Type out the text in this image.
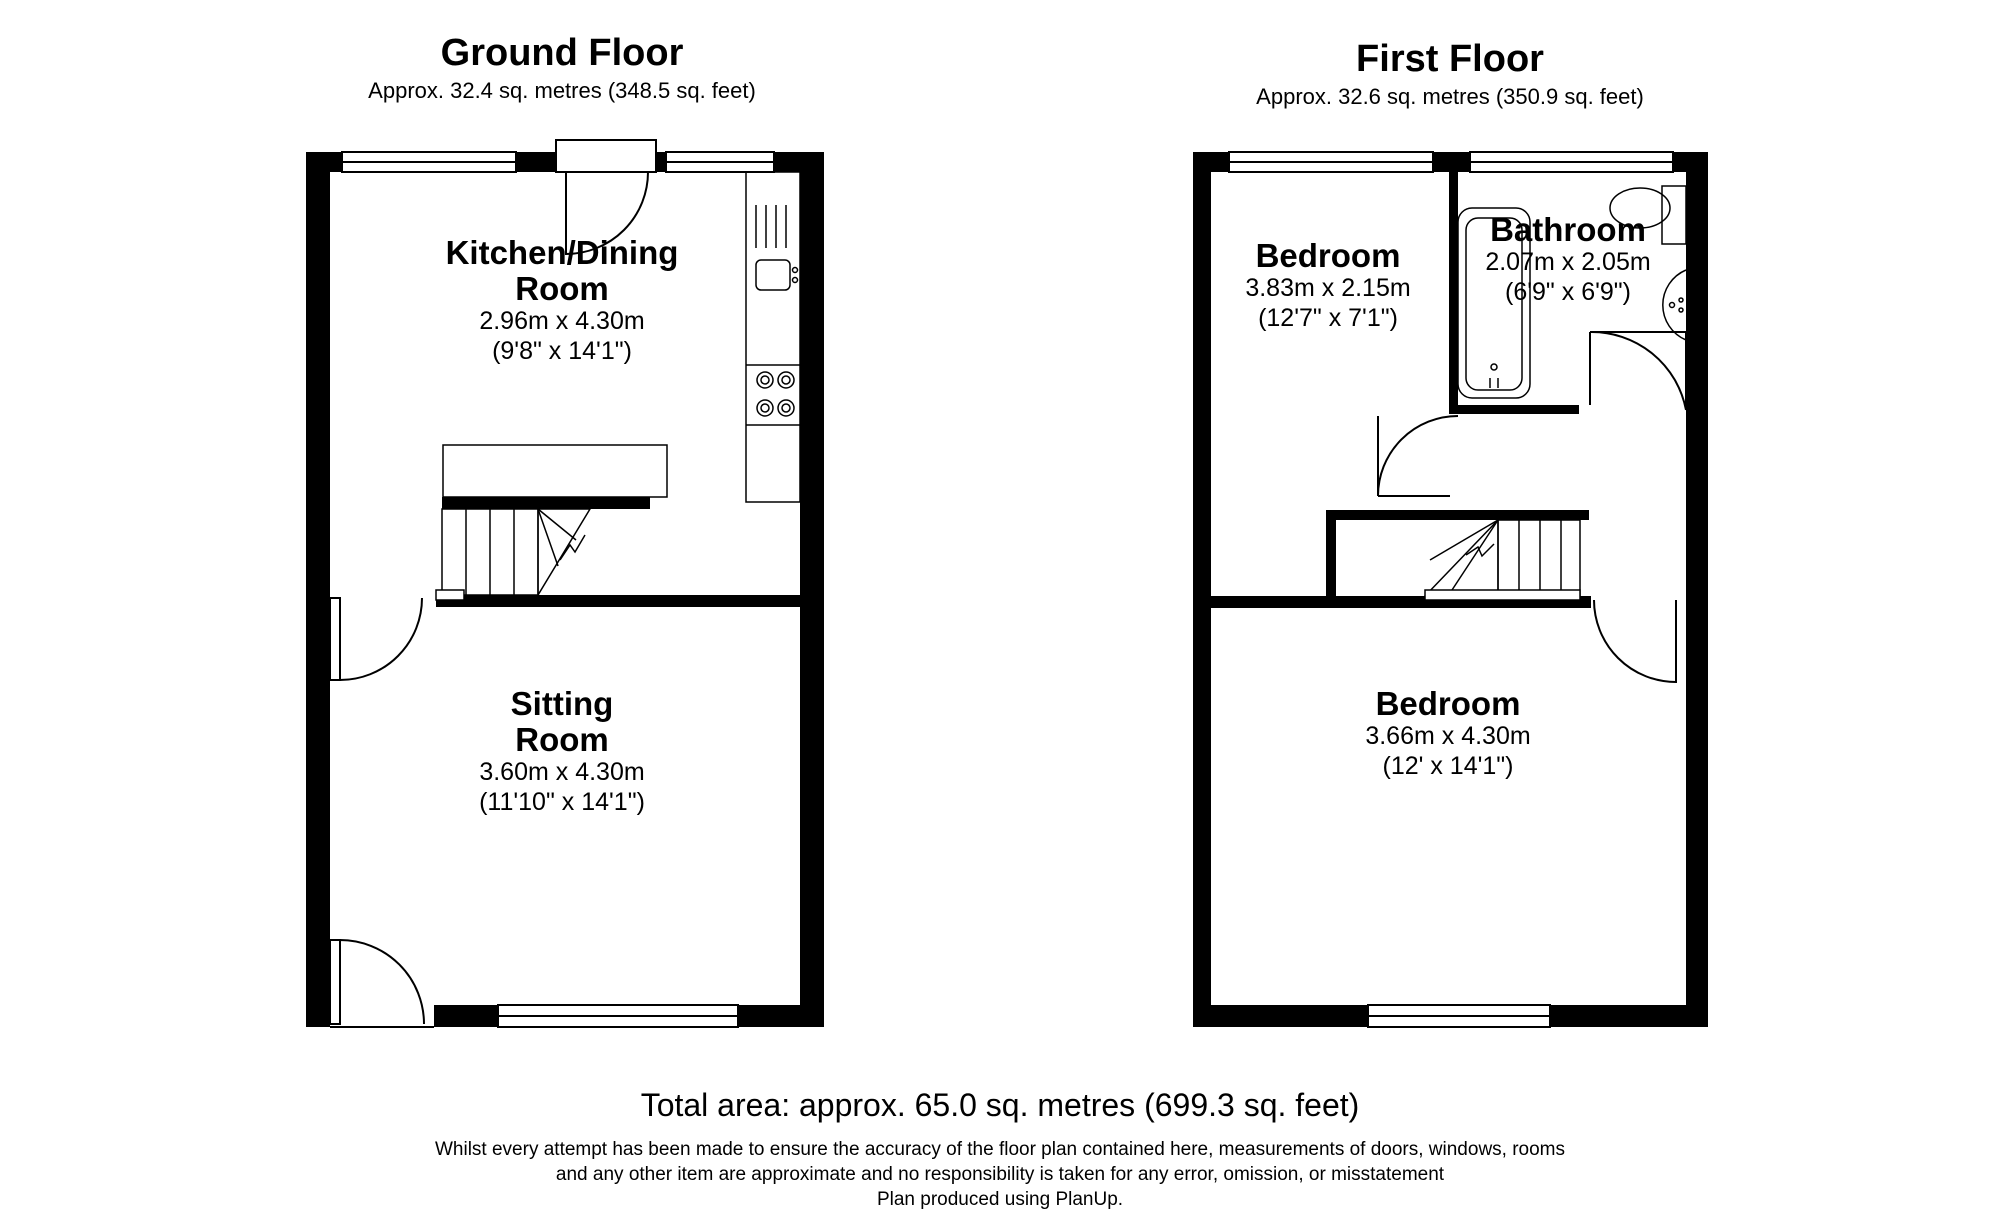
Ground Floor
Approx. 32.4 sq. metres (348.5 sq. feet)
First Floor
Approx. 32.6 sq. metres (350.9 sq. feet)
Kitchen/Dining
Room
2.96m x 4.30m
(9'8" x 14'1")
Sitting
Room
3.60m x 4.30m
(11'10" x 14'1")
Bedroom
3.83m x 2.15m
(12'7" x 7'1")
Bathroom
2.07m x 2.05m
(6'9" x 6'9")
Bedroom
3.66m x 4.30m
(12' x 14'1")
Total area: approx. 65.0 sq. metres (699.3 sq. feet)
Whilst every attempt has been made to ensure the accuracy of the floor plan contained here, measurements of doors, windows, rooms
and any other item are approximate and no responsibility is taken for any error, omission, or misstatement
Plan produced using PlanUp.
